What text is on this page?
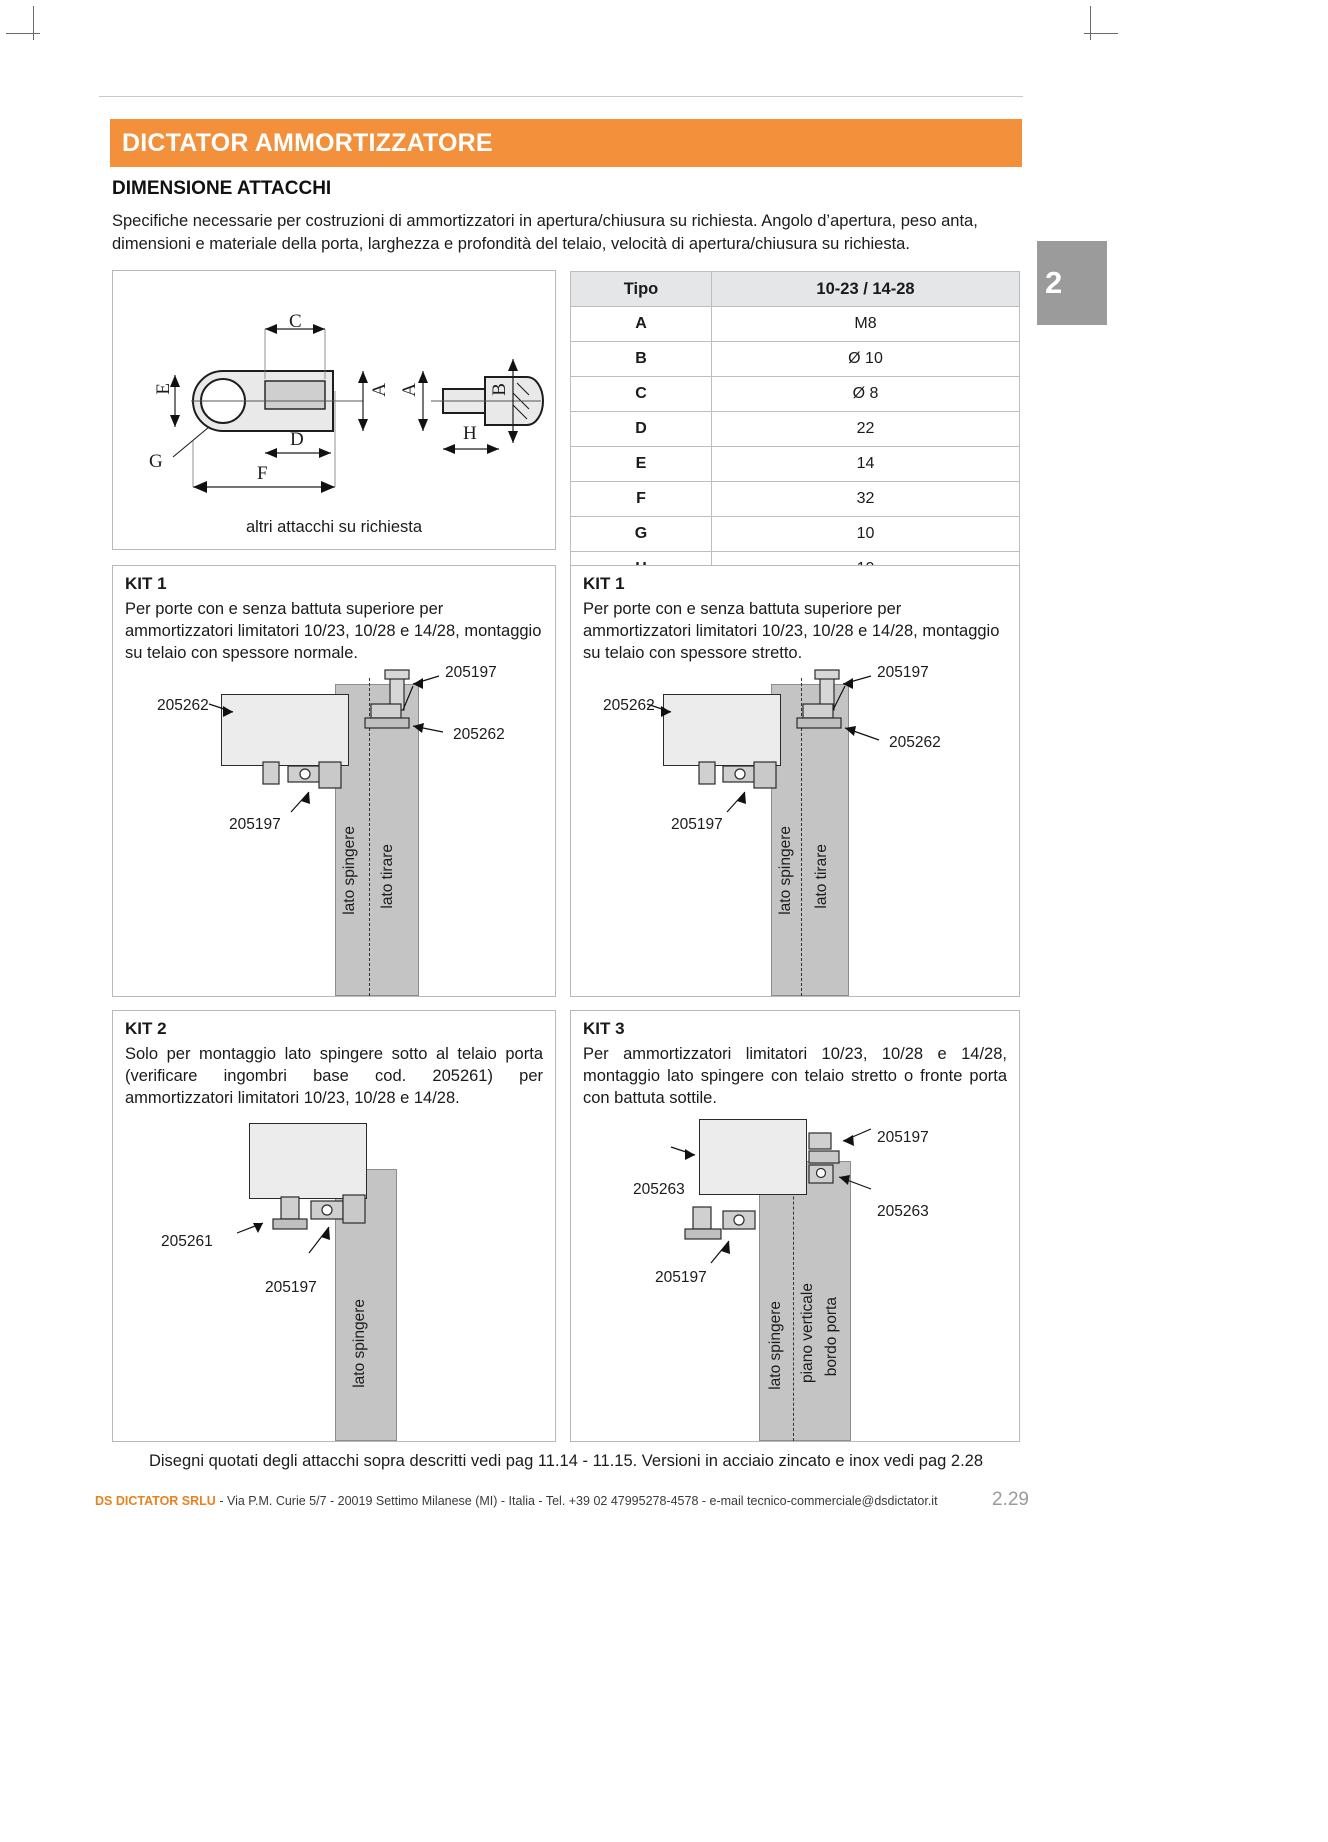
DICTATOR AMMORTIZZATORE
DIMENSIONE ATTACCHI
Specifiche necessarie per costruzioni di ammortizzatori in apertura/chiusura su richiesta. Angolo d’apertura, peso anta, dimensioni e materiale della porta, larghezza e profondità del telaio, velocità di apertura/chiusura su richiesta.
2
C
E
G
D
F
A A	B
H
altri attacchi su richiesta
Tipo	10-23 / 14-28
A	M8
B	Ø 10
C	Ø 8
D	22
E	14
F	32
G	10

KIT 1
Per porte con e senza battuta superiore per ammortizzatori limitatori 10/23, 10/28 e 14/28, montaggio su telaio con spessore normale.
205197
205262
205262
205197
lato spingere lato tirare
KIT 1
Per porte con e senza battuta superiore per ammortizzatori limitatori 10/23, 10/28 e 14/28, montaggio su telaio con spessore stretto.
205197
205262
205262
205197
lato spingere lato tirare
KIT 2
Solo per montaggio lato spingere sotto al telaio porta (verificare ingombri base cod. 205261) per ammortizzatori limitatori 10/23, 10/28 e 14/28.
205261
205197
lato spingere
KIT 3
Per ammortizzatori limitatori 10/23, 10/28 e 14/28, montaggio lato spingere con telaio stretto o fronte porta con battuta sottile.
205197
205263
205263
205197
lato spingere piano verticale bordo porta
Disegni quotati degli attacchi sopra descritti vedi pag 11.14 - 11.15. Versioni in acciaio zincato e inox vedi pag 2.28
DS DICTATOR SRLU - Via P.M. Curie 5/7 - 20019 Settimo Milanese (MI) - Italia - Tel. +39 02 47995278-4578 - e-mail tecnico-commerciale@dsdictator.it	2.29
